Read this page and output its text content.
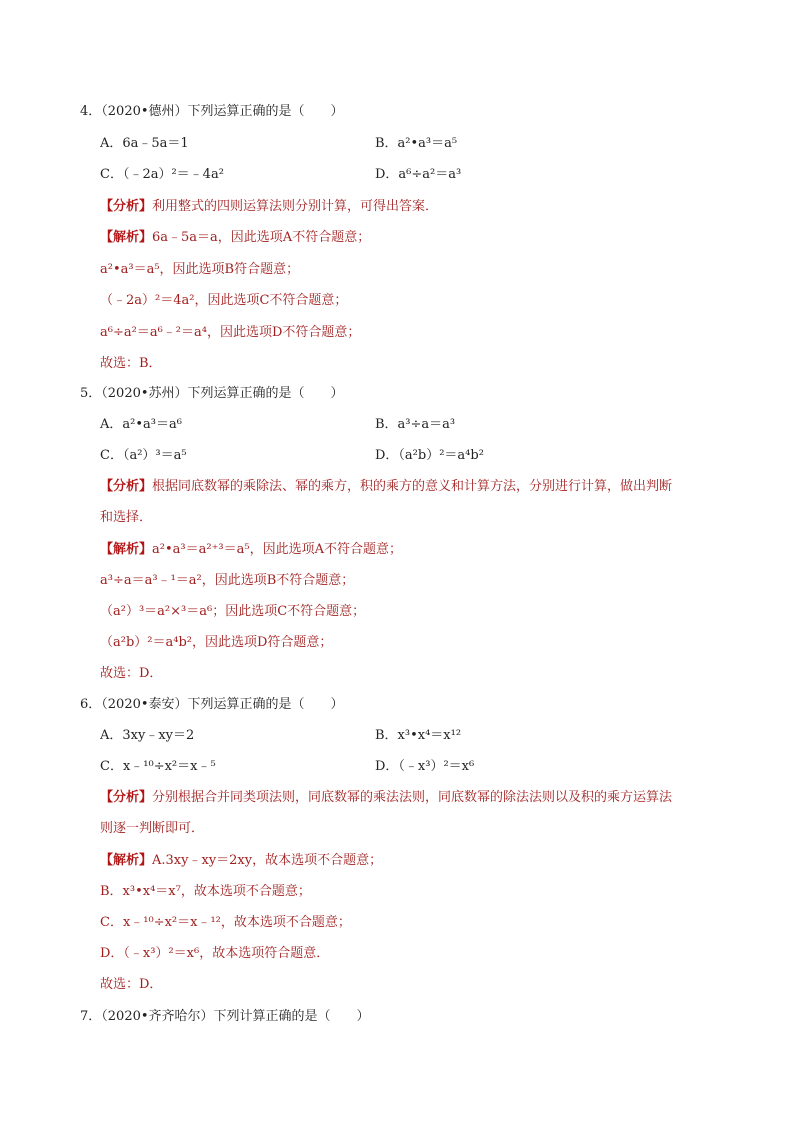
4．（2020•德州）下列运算正确的是（　　）
A．6a﹣5a＝1	B．a²•a³＝a⁵
C．（﹣2a）²＝﹣4a²	D．a⁶÷a²＝a³
【分析】利用整式的四则运算法则分别计算，可得出答案．
【解析】6a﹣5a＝a，因此选项A不符合题意；
a²•a³＝a⁵，因此选项B符合题意；
（﹣2a）²＝4a²，因此选项C不符合题意；
a⁶÷a²＝a⁶﹣²＝a⁴，因此选项D不符合题意；
故选：B．
5．（2020•苏州）下列运算正确的是（　　）
A．a²•a³＝a⁶	B．a³÷a＝a³
C．（a²）³＝a⁵	D．（a²b）²＝a⁴b²
【分析】根据同底数幂的乘除法、幂的乘方，积的乘方的意义和计算方法，分别进行计算，做出判断
和选择．
【解析】a²•a³＝a²⁺³＝a⁵，因此选项A不符合题意；
a³÷a＝a³﹣¹＝a²，因此选项B不符合题意；
（a²）³＝a²×³＝a⁶；因此选项C不符合题意；
（a²b）²＝a⁴b²，因此选项D符合题意；
故选：D．
6．（2020•泰安）下列运算正确的是（　　）
A．3xy﹣xy＝2	B．x³•x⁴＝x¹²
C．x﹣¹⁰÷x²＝x﹣⁵	D．（﹣x³）²＝x⁶
【分析】分别根据合并同类项法则，同底数幂的乘法法则，同底数幂的除法法则以及积的乘方运算法
则逐一判断即可．
【解析】A.3xy﹣xy＝2xy，故本选项不合题意；
B．x³•x⁴＝x⁷，故本选项不合题意；
C．x﹣¹⁰÷x²＝x﹣¹²，故本选项不合题意；
D．（﹣x³）²＝x⁶，故本选项符合题意．
故选：D．
7．（2020•齐齐哈尔）下列计算正确的是（　　）
